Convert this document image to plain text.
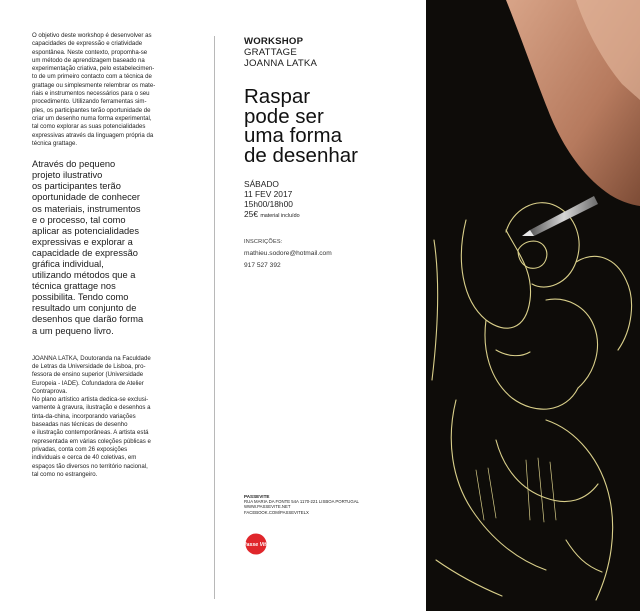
O objetivo deste workshop é desenvolver as
capacidades de expressão e criatividade
espontânea. Neste contexto, propomha-se
um método de aprendizagem baseado na
experimentação criativa, pelo estabelecimen-
to de um primeiro contacto com a técnica de
grattage ou simplesmente relembrar os mate-
riais e instrumentos necessários para o seu
procedimento. Utilizando ferramentas sim-
ples, os participantes terão oportunidade de
criar um desenho numa forma experimental,
tal como explorar as suas potencialidades
expressivas através da linguagem própria da
técnica grattage.

Através do pequeno
projeto ilustrativo
os participantes terão
oportunidade de conhecer
os materiais, instrumentos
e o processo, tal como
aplicar as potencialidades
expressivas e explorar a
capacidade de expressão
gráfica individual,
utilizando métodos que a
técnica grattage nos
possibilita. Tendo como
resultado um conjunto de
desenhos que darão forma
a um pequeno livro.

JOANNA LATKA, Doutoranda na Faculdade
de Letras da Universidade de Lisboa, pro-
fessora de ensino superior (Universidade
Europeia - IADE). Cofundadora de Atelier
Contraprova.
No plano artístico artista dedica-se exclusi-
vamente à gravura, ilustração e desenhos a
tinta-da-china, incorporando variações
baseadas nas técnicas de desenho
e ilustração contemporâneas. A artista está
representada em várias coleções públicas e
privadas, conta com 26 exposições
individuais e cerca de 40 coletivas, em
espaços tão diversos no território nacional,
tal como no estrangeiro.

WORKSHOP
GRATTAGE
JOANNA LATKA
Raspar
pode ser
uma forma
de desenhar
SÁBADO
11 FEV 2017
15h00/18h00
25€ material incluído
INSCRIÇÕES:
mathieu.sodore@hotmail.com
917 527 392
PASSEVITE
RUA MARIA DA FONTE 54A 1170-221 LISBOA PORTUGAL
WWW.PASSEVITE.NET
FACEBOOK.COM/PASSEVITELX
Passe Vite
